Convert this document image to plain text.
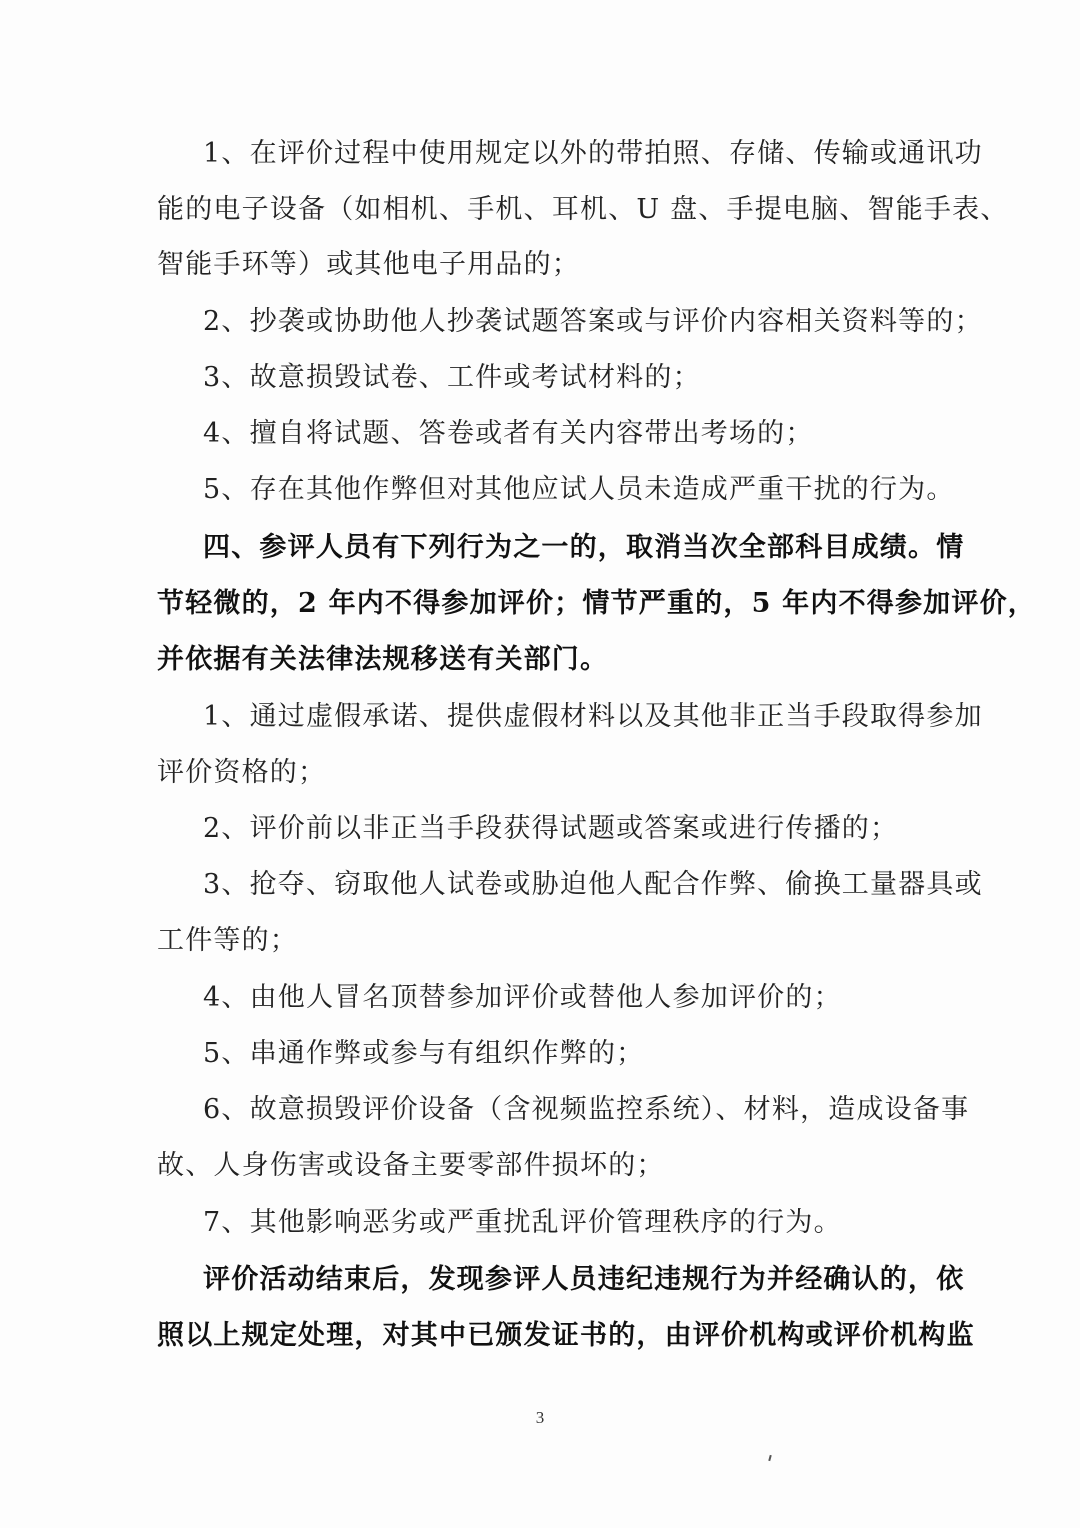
1、在评价过程中使用规定以外的带拍照、存储、传输或通讯功
能的电子设备（如相机、手机、耳机、U 盘、手提电脑、智能手表、
智能手环等）或其他电子用品的；
2、抄袭或协助他人抄袭试题答案或与评价内容相关资料等的；
3、故意损毁试卷、工件或考试材料的；
4、擅自将试题、答卷或者有关内容带出考场的；
5、存在其他作弊但对其他应试人员未造成严重干扰的行为。
四、参评人员有下列行为之一的，取消当次全部科目成绩。情
节轻微的，2 年内不得参加评价；情节严重的，5 年内不得参加评价，
并依据有关法律法规移送有关部门。
1、通过虚假承诺、提供虚假材料以及其他非正当手段取得参加
评价资格的；
2、评价前以非正当手段获得试题或答案或进行传播的；
3、抢夺、窃取他人试卷或胁迫他人配合作弊、偷换工量器具或
工件等的；
4、由他人冒名顶替参加评价或替他人参加评价的；
5、串通作弊或参与有组织作弊的；
6、故意损毁评价设备（含视频监控系统）、材料，造成设备事
故、人身伤害或设备主要零部件损坏的；
7、其他影响恶劣或严重扰乱评价管理秩序的行为。
评价活动结束后，发现参评人员违纪违规行为并经确认的，依
照以上规定处理，对其中已颁发证书的，由评价机构或评价机构监
3
